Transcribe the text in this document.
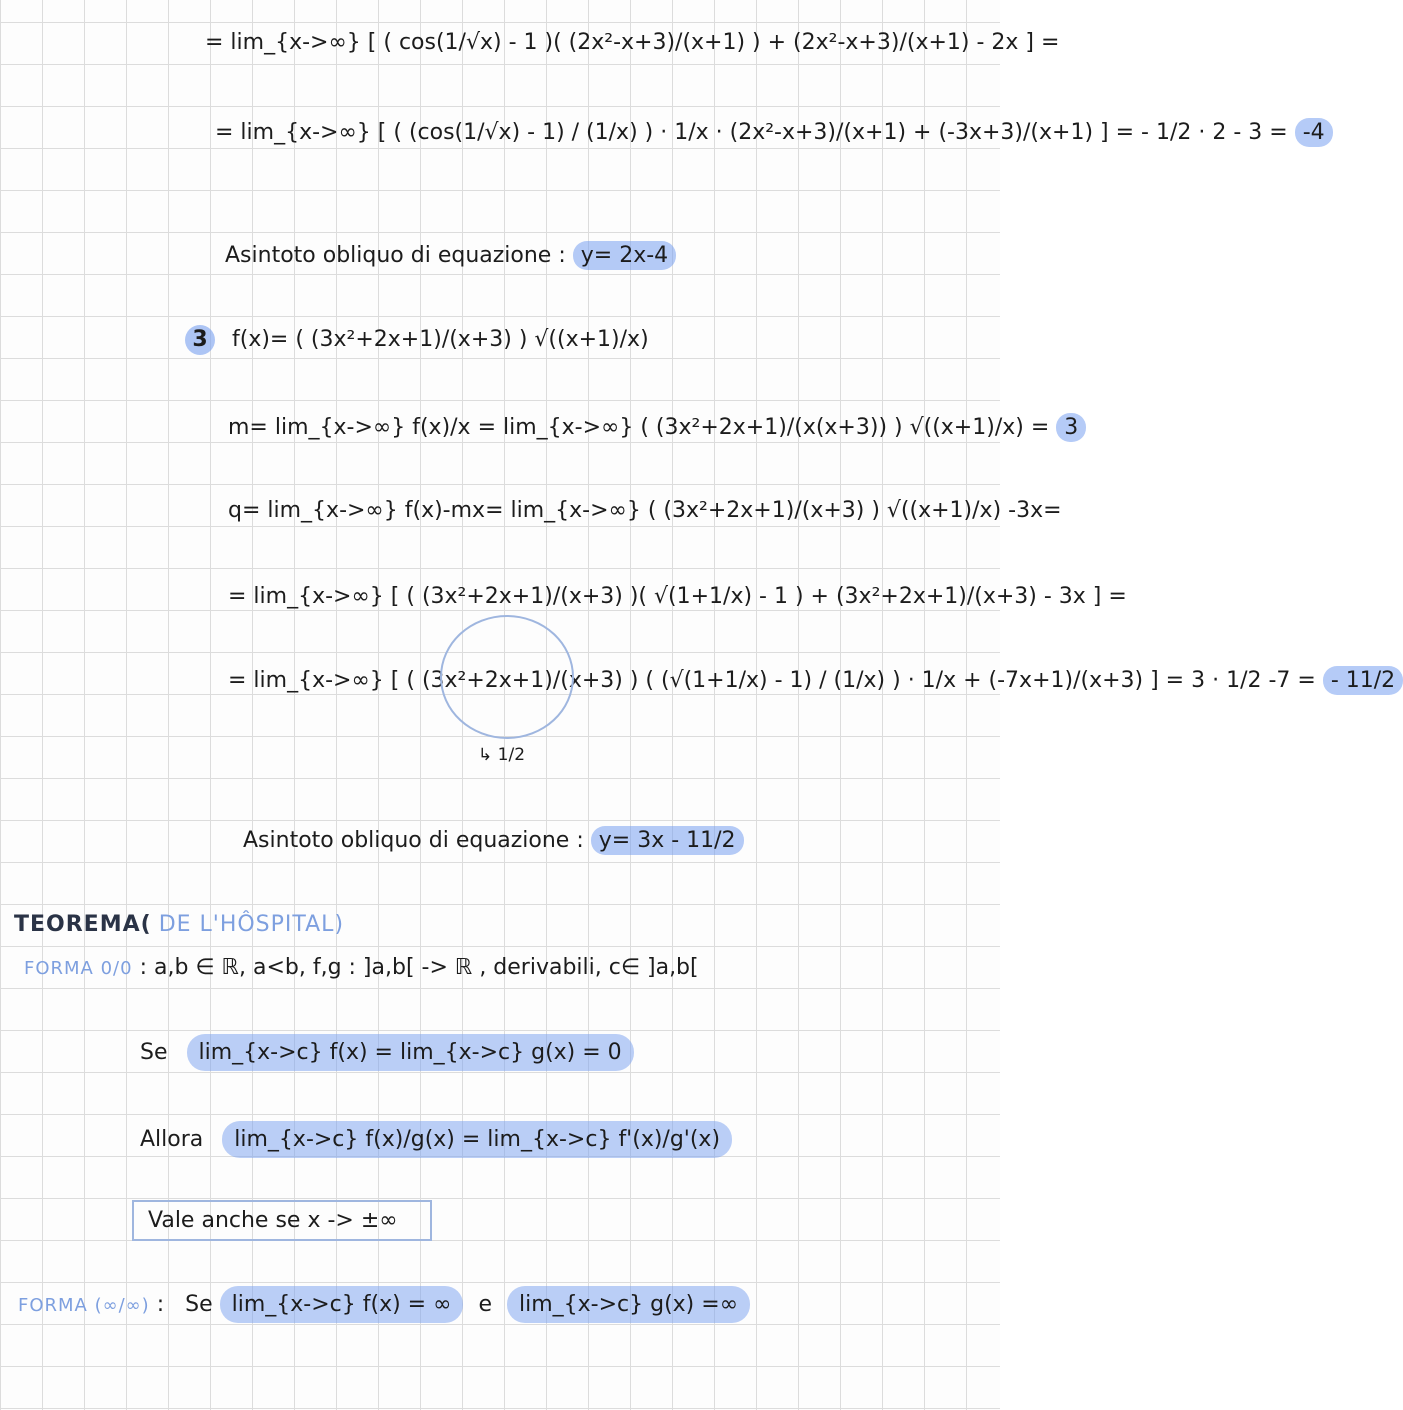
= lim_{x->∞} [ ( cos(1/√x) - 1 )( (2x²-x+3)/(x+1) ) + (2x²-x+3)/(x+1) - 2x ] =
= lim_{x->∞} [ ( (cos(1/√x) - 1) / (1/x) ) · 1/x · (2x²-x+3)/(x+1) + (-3x+3)/(x+1) ] = - 1/2 · 2 - 3 = -4
Asintoto obliquo di equazione : y= 2x-4
3 f(x)= ( (3x²+2x+1)/(x+3) ) √((x+1)/x)
m= lim_{x->∞} f(x)/x = lim_{x->∞} ( (3x²+2x+1)/(x(x+3)) ) √((x+1)/x) = 3
q= lim_{x->∞} f(x)-mx= lim_{x->∞} ( (3x²+2x+1)/(x+3) ) √((x+1)/x) -3x=
= lim_{x->∞} [ ( (3x²+2x+1)/(x+3) )( √(1+1/x) - 1 ) + (3x²+2x+1)/(x+3) - 3x ] =
= lim_{x->∞} [ ( (3x²+2x+1)/(x+3) ) ( (√(1+1/x) - 1) / (1/x) ) · 1/x + (-7x+1)/(x+3) ] = 3 · 1/2 -7 = - 11/2
↳ 1/2
Asintoto obliquo di equazione : y= 3x - 11/2
TEOREMA( DE L'HÔSPITAL)
FORMA 0/0 : a,b ∈ ℝ, a<b, f,g : ]a,b[ -> ℝ , derivabili, c∈ ]a,b[
Se lim_{x->c} f(x) = lim_{x->c} g(x) = 0
Allora lim_{x->c} f(x)/g(x) = lim_{x->c} f'(x)/g'(x)
Vale anche se x -> ±∞
FORMA (∞/∞) : Se lim_{x->c} f(x) = ∞ e lim_{x->c} g(x) =∞
